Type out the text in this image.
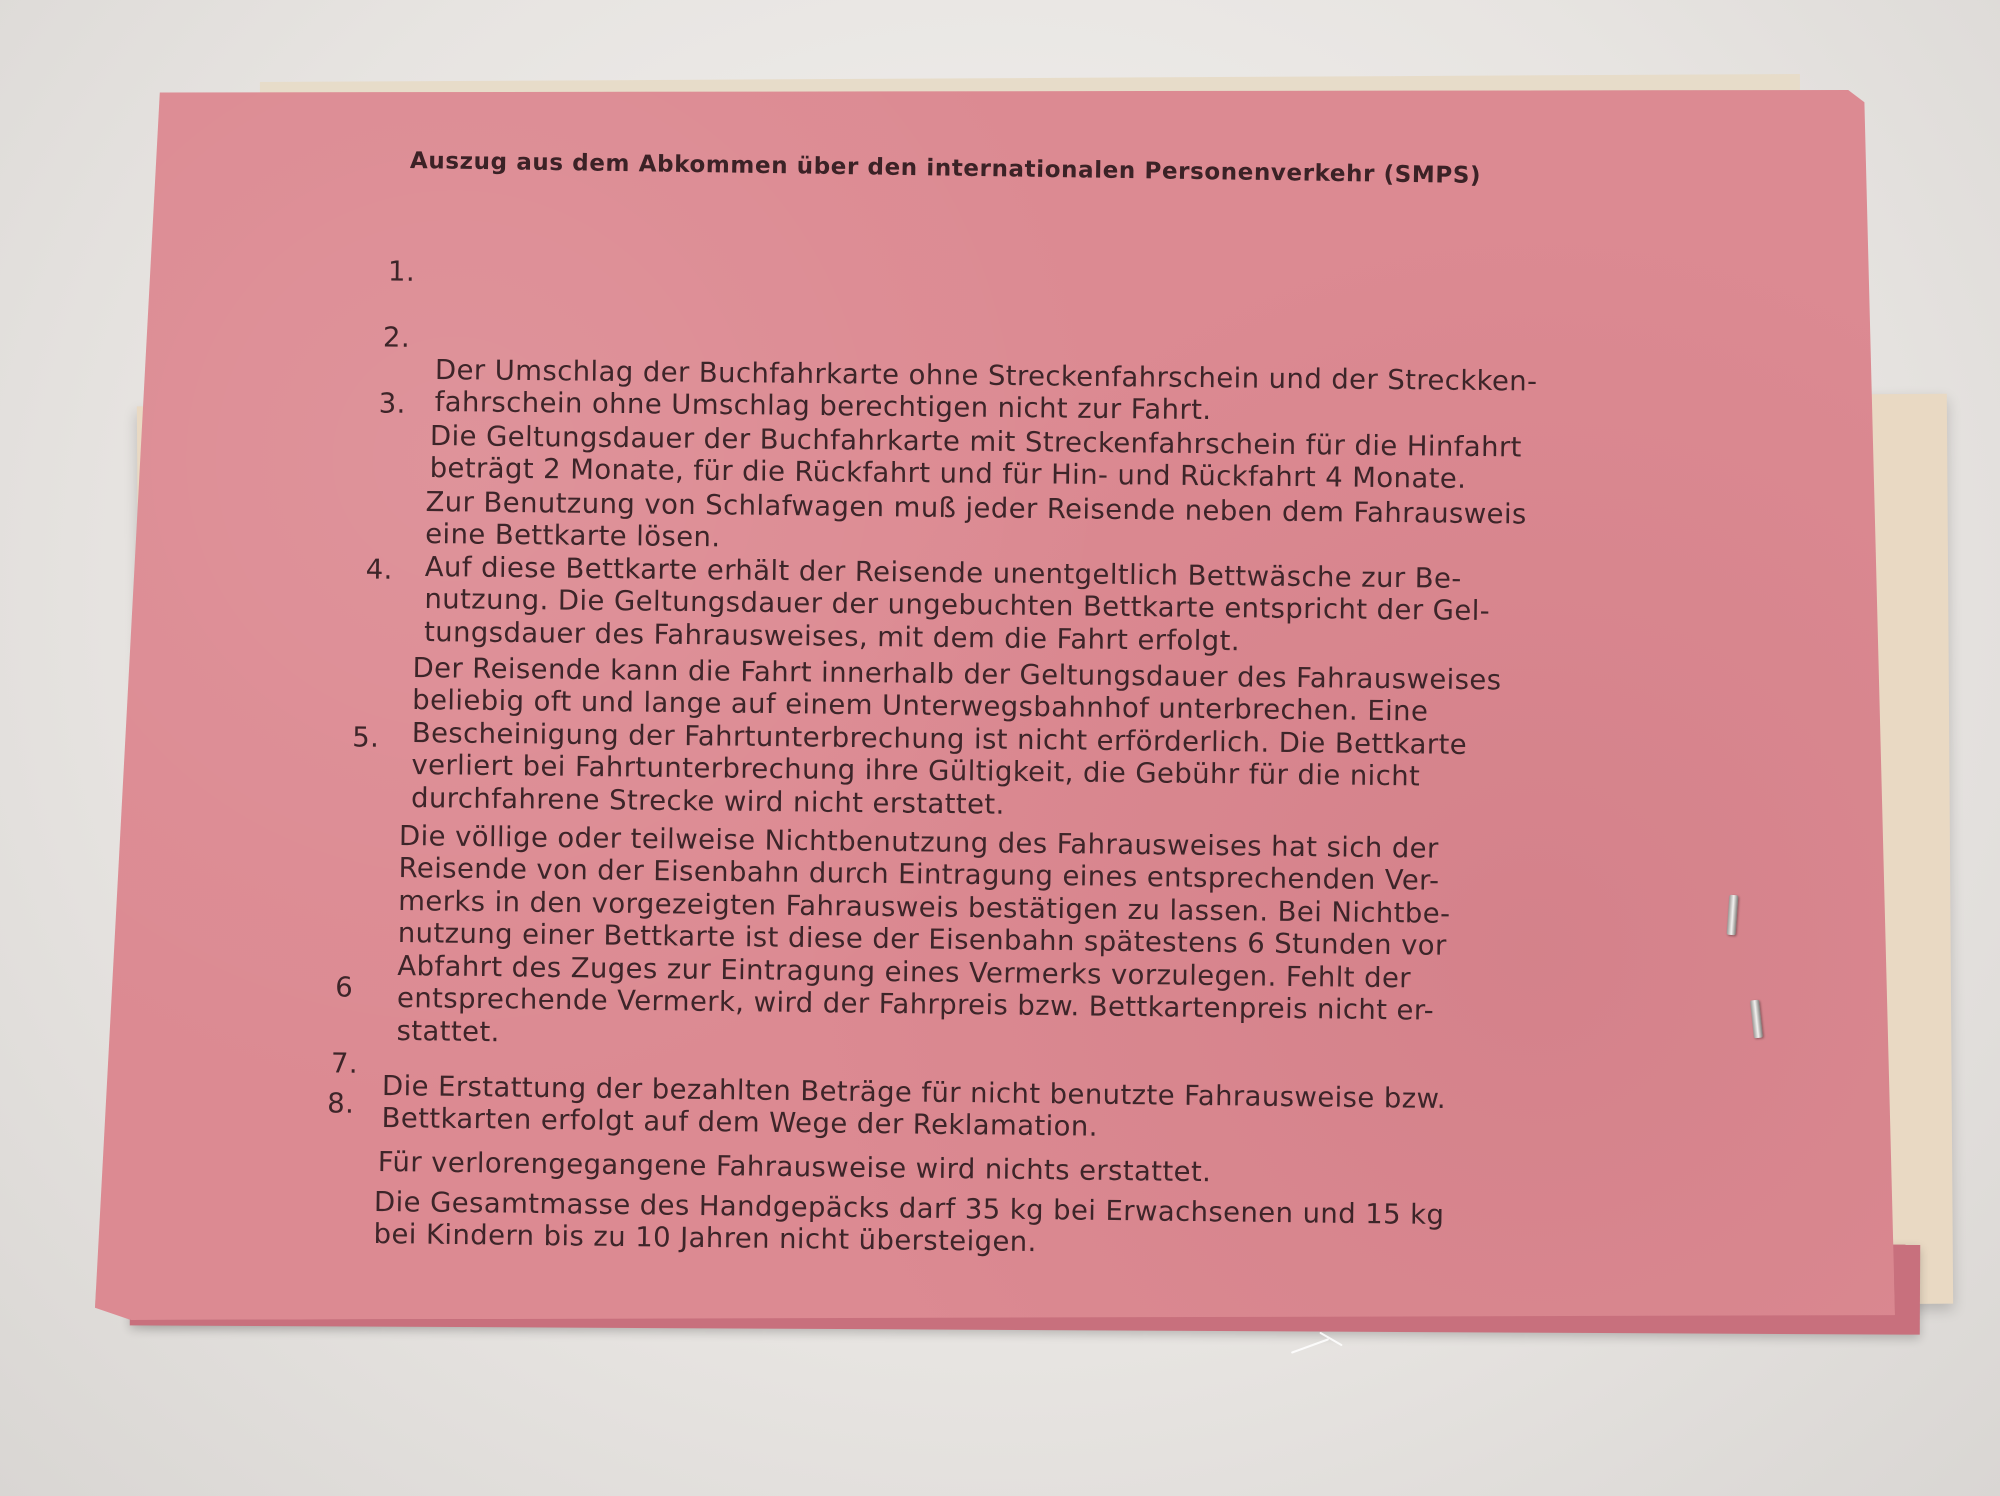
Auszug aus dem Abkommen über den internationalen Personenverkehr (SMPS)

1.

Der Umschlag der Buchfahrkarte ohne Streckenfahrschein und der Streckken-
fahrschein ohne Umschlag berechtigen nicht zur Fahrt.

2.

Die Geltungsdauer der Buchfahrkarte mit Streckenfahrschein für die Hinfahrt
beträgt 2 Monate, für die Rückfahrt und für Hin- und Rückfahrt 4 Monate.

3.

Zur Benutzung von Schlafwagen muß jeder Reisende neben dem Fahrausweis
eine Bettkarte lösen.
Auf diese Bettkarte erhält der Reisende unentgeltlich Bettwäsche zur Be-
nutzung. Die Geltungsdauer der ungebuchten Bettkarte entspricht der Gel-
tungsdauer des Fahrausweises, mit dem die Fahrt erfolgt.

4.

Der Reisende kann die Fahrt innerhalb der Geltungsdauer des Fahrausweises
beliebig oft und lange auf einem Unterwegsbahnhof unterbrechen. Eine
Bescheinigung der Fahrtunterbrechung ist nicht erförderlich. Die Bettkarte
verliert bei Fahrtunterbrechung ihre Gültigkeit, die Gebühr für die nicht
durchfahrene Strecke wird nicht erstattet.

5.

Die völlige oder teilweise Nichtbenutzung des Fahrausweises hat sich der
Reisende von der Eisenbahn durch Eintragung eines entsprechenden Ver-
merks in den vorgezeigten Fahrausweis bestätigen zu lassen. Bei Nichtbe-
nutzung einer Bettkarte ist diese der Eisenbahn spätestens 6 Stunden vor
Abfahrt des Zuges zur Eintragung eines Vermerks vorzulegen. Fehlt der
entsprechende Vermerk, wird der Fahrpreis bzw. Bettkartenpreis nicht er-
stattet.

6

Die Erstattung der bezahlten Beträge für nicht benutzte Fahrausweise bzw.
Bettkarten erfolgt auf dem Wege der Reklamation.

7.

Für verlorengegangene Fahrausweise wird nichts erstattet.

8.

Die Gesamtmasse des Handgepäcks darf 35 kg bei Erwachsenen und 15 kg
bei Kindern bis zu 10 Jahren nicht übersteigen.
